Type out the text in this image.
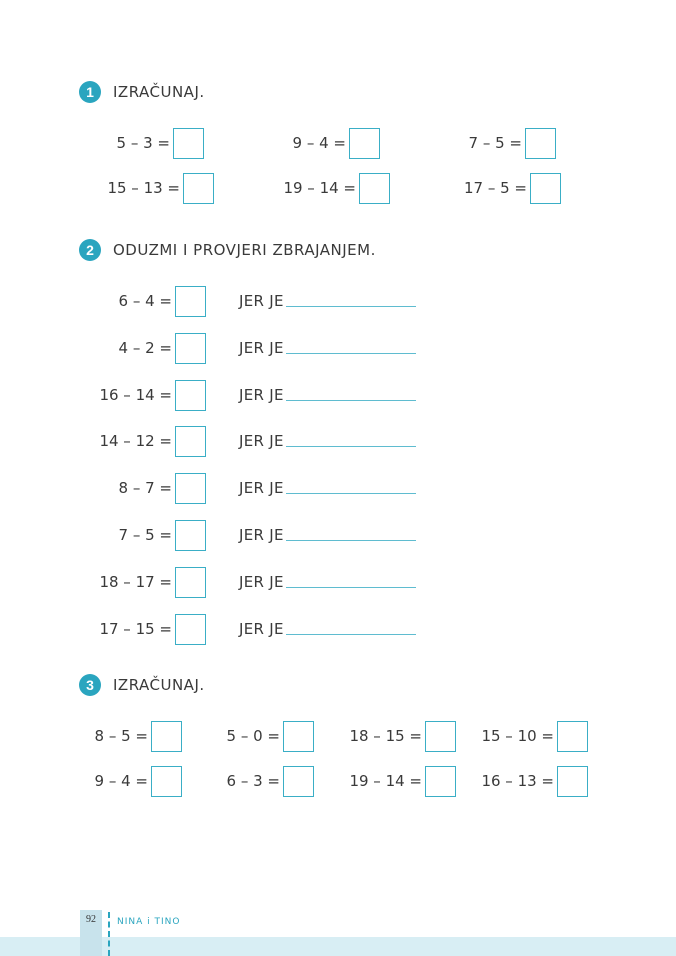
1	IZRAČUNAJ.
5 – 3 =	9 – 4 =	7 – 5 =
15 – 13 =	19 – 14 =	17 – 5 =
2	ODUZMI I PROVJERI ZBRAJANJEM.
6 – 4 =	JER JE
4 – 2 =	JER JE
16 – 14 =	JER JE
14 – 12 =	JER JE
8 – 7 =	JER JE
7 – 5 =	JER JE
18 – 17 =	JER JE
17 – 15 =	JER JE
3	IZRAČUNAJ.
8 – 5 =	5 – 0 =	18 – 15 =	15 – 10 =
9 – 4 =	6 – 3 =	19 – 14 =	16 – 13 =
92	NINA i TINO
